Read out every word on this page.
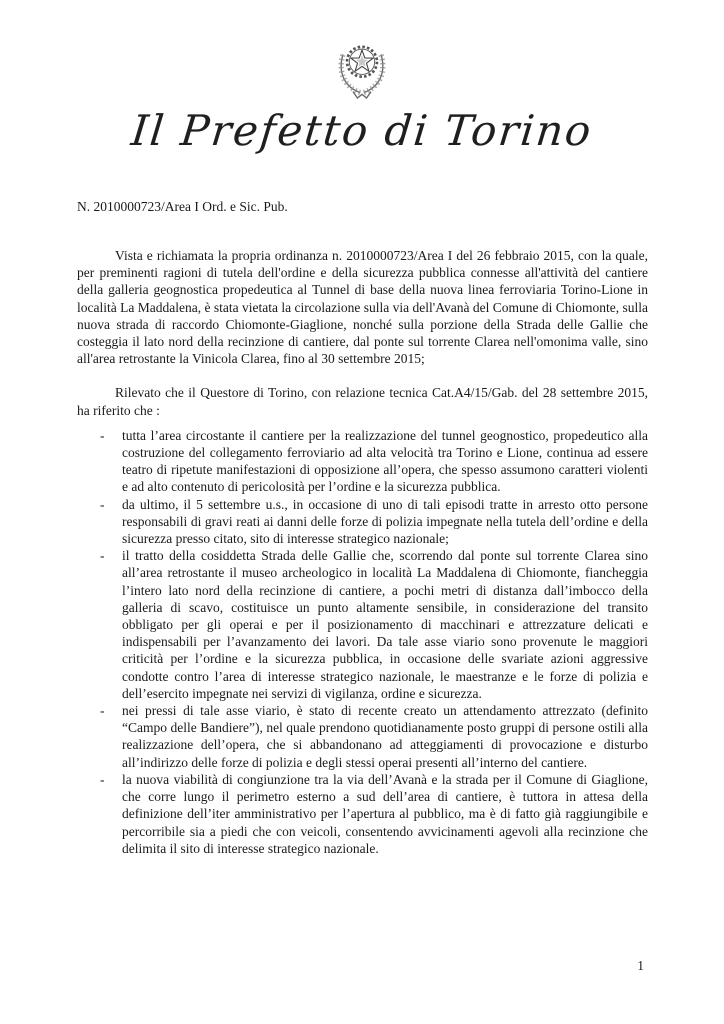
Il Prefetto di Torino
N. 2010000723/Area I Ord. e Sic. Pub.

Vista e richiamata la propria ordinanza n. 2010000723/Area I del 26 febbraio 2015, con la quale, per preminenti ragioni di tutela dell'ordine e della sicurezza pubblica connesse all'attività del cantiere della galleria geognostica propedeutica al Tunnel di base della nuova linea ferroviaria Torino-Lione in località La Maddalena, è stata vietata la circolazione sulla via dell'Avanà del Comune di Chiomonte, sulla nuova strada di raccordo Chiomonte-Giaglione, nonché sulla porzione della Strada delle Gallie che costeggia il lato nord della recinzione di cantiere, dal ponte sul torrente Clarea nell'omonima valle, sino all'area retrostante la Vinicola Clarea, fino al 30 settembre 2015;

Rilevato che il Questore di Torino, con relazione tecnica Cat.A4/15/Gab. del 28 settembre 2015, ha riferito che :

-	tutta l’area circostante il cantiere per la realizzazione del tunnel geognostico, propedeutico alla costruzione del collegamento ferroviario ad alta velocità tra Torino e Lione, continua ad essere teatro di ripetute manifestazioni di opposizione all’opera, che spesso assumono caratteri violenti e ad alto contenuto di pericolosità per l’ordine e la sicurezza pubblica.
-	da ultimo, il 5 settembre u.s., in occasione di uno di tali episodi tratte in arresto otto persone responsabili di gravi reati ai danni delle forze di polizia impegnate nella tutela dell’ordine e della sicurezza presso citato, sito di interesse strategico nazionale;
-	il tratto della cosiddetta Strada delle Gallie che, scorrendo dal ponte sul torrente Clarea sino all’area retrostante il museo archeologico in località La Maddalena di Chiomonte, fiancheggia l’intero lato nord della recinzione di cantiere, a pochi metri di distanza dall’imbocco della galleria di scavo, costituisce un punto altamente sensibile, in considerazione del transito obbligato per gli operai e per il posizionamento di macchinari e attrezzature delicati e indispensabili per l’avanzamento dei lavori. Da tale asse viario sono provenute le maggiori criticità per l’ordine e la sicurezza pubblica, in occasione delle svariate azioni aggressive condotte contro l’area di interesse strategico nazionale, le maestranze e le forze di polizia e dell’esercito impegnate nei servizi di vigilanza, ordine e sicurezza.
-	nei pressi di tale asse viario, è stato di recente creato un attendamento attrezzato (definito “Campo delle Bandiere”), nel quale prendono quotidianamente posto gruppi di persone ostili alla realizzazione dell’opera, che si abbandonano ad atteggiamenti di provocazione e disturbo all’indirizzo delle forze di polizia e degli stessi operai presenti all’interno del cantiere.
-	la nuova viabilità di congiunzione tra la via dell’Avanà e la strada per il Comune di Giaglione, che corre lungo il perimetro esterno a sud dell’area di cantiere, è tuttora in attesa della definizione dell’iter amministrativo per l’apertura al pubblico, ma è di fatto già raggiungibile e percorribile sia a piedi che con veicoli, consentendo avvicinamenti agevoli alla recinzione che delimita il sito di interesse strategico nazionale.
1
